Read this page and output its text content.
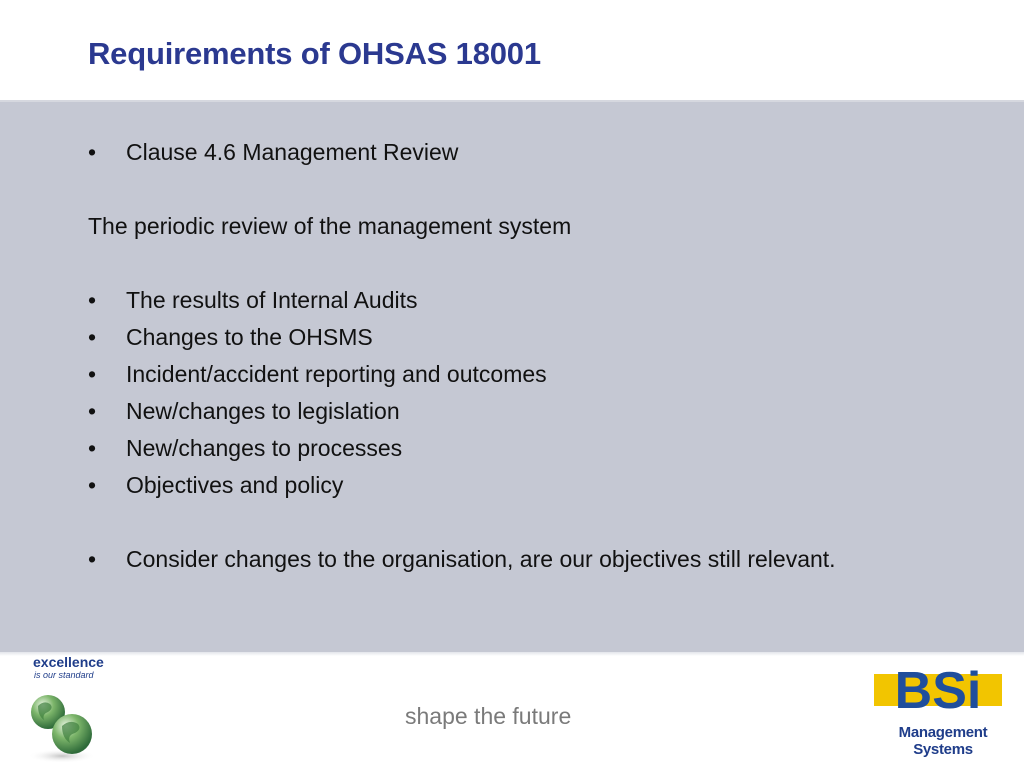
Requirements of OHSAS 18001
•	Clause 4.6 Management Review
The periodic review of the management system
•	The results of Internal Audits
•	Changes to the OHSMS
•	Incident/accident reporting and outcomes
•	New/changes to legislation
•	New/changes to processes
•	Objectives and policy
•	Consider changes to the organisation, are our objectives still relevant.
excellence
is our standard
shape the future	BSi
Management
Systems
